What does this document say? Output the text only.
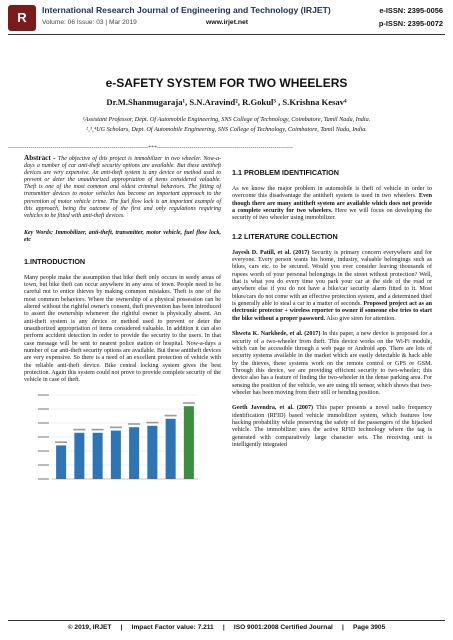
R	International Research Journal of Engineering and Technology (IRJET)	e-ISSN: 2395-0056
Volume: 06 Issue: 03 | Mar 2019	www.irjet.net	p-ISSN: 2395-0072
e-SAFETY SYSTEM FOR TWO WHEELERS
Dr.M.Shanmugaraja¹, S.N.Aravind², R.Gokul³ , S.Krishna Kesav⁴
¹Assistant Professor, Dept. Of Automobile Engineering, SNS College of Technology, Coimbatore, Tamil Nadu, India.
²‚³‚⁴UG Scholars, Dept. Of Automobile Engineering, SNS College of Technology, Coimbatore, Tamil Nadu, India.
---------------------------------------------------------------------***-------------------------------------------------------------------

Abstract - The objective of this project is immobilizer in two wheeler. Now-a-days a number of car anti-theft security options are available. But these antitheft devices are very expensive. An anti-theft system is any device or method used to prevent or deter the unauthorized appropriation of items considered valuable. Theft is one of the most common and oldest criminal behaviors. The fitting of transmitter devices to motor vehicles has become an important approach to the prevention of motor vehicle crime. The fuel flow lock is an important example of this approach, being the outcome of the first and only regulations requiring vehicles to be fitted with anti-theft devices.

Key Words: Immobilizer, anti-theft, transmitter, motor vehicle, fuel flow lock, etc

1.INTRODUCTION

Many people make the assumption that bike theft only occurs in seedy areas of town, but bike theft can occur anywhere in any area of town. People need to be careful not to entice thieves by making common mistakes. Theft is one of the most common behaviors. Where the ownership of a physical possession can be altered without the rightful owner's consent, theft prevention has been introduced to assert the ownership whenever the rightful owner is physically absent. An anti-theft system is any device or method used to prevent or deter the unauthorized appropriation of items considered valuable. In addition it can also perform accident detection in order to provide the security to the users. In that case message will be sent to nearest police station or hospital. Now-a-days a number of car anti-theft security options are available. But these antitheft devices are very expensive. So there is a need of an excellent protection of vehicle with the reliable anti-theft device. Bike central locking system gives the best protection. Again this system could not prove to provide complete security of the vehicle in case of theft.

1.1 PROBLEM IDENTIFICATION

As we know the major problem in automobile is theft of vehicle in order to overcome this disadvantage the antitheft system is used in two wheelers. Even though there are many antitheft system are available which does not provide a complete security for two wheelers. Here we will focus on developing the security of two wheeler using immobilizer.

1.2 LITERATURE COLLECTION

Jayesh D. Patill, et al. (2017) Security is primary concern everywhere and for everyone. Every person wants his home, industry, valuable belongings such as bikes, cars etc. to be secured. Would you ever consider leaving thousands of rupees worth of your personal belongings in the street without protection? Well, that is what you do every time you park your car at the side of the road or anywhere else if you do not have a bike/car security alarm fitted to it. Most bikes/cars do not come with an effective protection system, and a determined thief is generally able to steal a car in a matter of seconds. Proposed project act as an electronic protector + wireless reporter to owner if someone else tries to start the bike without a proper password. Also give siren for attention.

Shweta K. Narkhede, et al. (2017) In this paper, a new device is proposed for a security of a two-wheeler from theft. This device works on the Wi-Fi module, which can be accessible through a web page or Android app. There are lots of security systems available in the market which are easily detectable & hack able by the thieves, these systems work on the remote control or GPS or GSM. Through this device, we are providing efficient security to two-wheeler; this device also has a feature of finding the two-wheeler in the dense parking area. For sensing the position of the vehicle, we are using tilt sensor, which shows that two-wheeler has been moving from their still or bending position.

Geeth Javendra, et al. (2007) This paper presents a novel radio frequency identification (RFID) based vehicle immobilizer system, which features low hacking probability while preserving the safety of the passengers of the hijacked vehicle. The immobilizer uses the active RFID technology where the tag is generated with comparatively large character sets. The receiving unit is intelligently integrated

© 2019, IRJET     |     Impact Factor value: 7.211     |     ISO 9001:2008 Certified Journal     |     Page 3905
